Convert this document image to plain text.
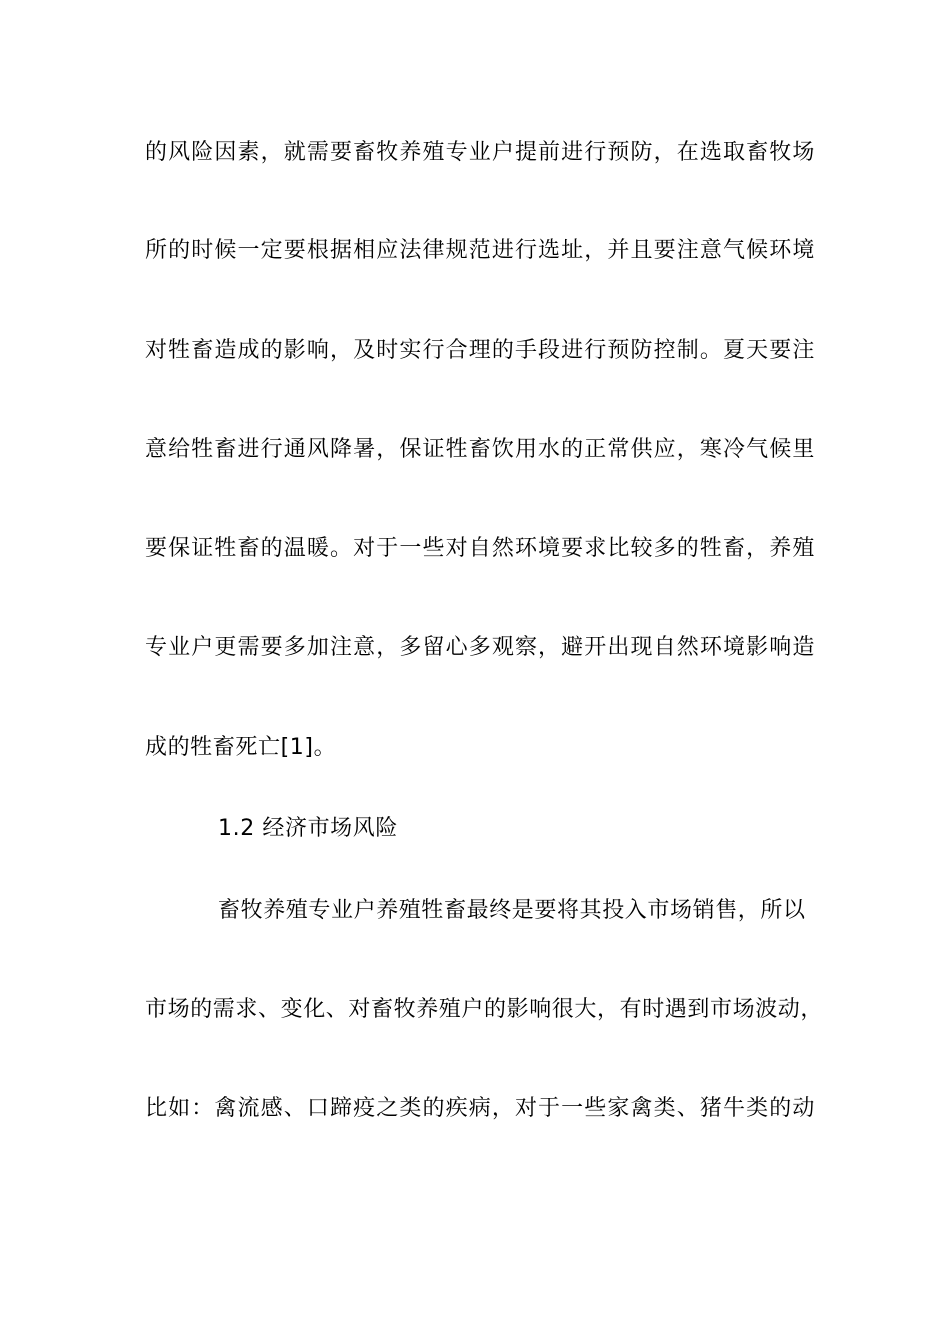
的风险因素，就需要畜牧养殖专业户提前进行预防，在选取畜牧场
所的时候一定要根据相应法律规范进行选址，并且要注意气候环境
对牲畜造成的影响，及时实行合理的手段进行预防控制。夏天要注
意给牲畜进行通风降暑，保证牲畜饮用水的正常供应，寒冷气候里
要保证牲畜的温暖。对于一些对自然环境要求比较多的牲畜，养殖
专业户更需要多加注意，多留心多观察，避开出现自然环境影响造
成的牲畜死亡[1]。
1.2 经济市场风险
畜牧养殖专业户养殖牲畜最终是要将其投入市场销售，所以
市场的需求、变化、对畜牧养殖户的影响很大，有时遇到市场波动，
比如：禽流感、口蹄疫之类的疾病，对于一些家禽类、猪牛类的动
